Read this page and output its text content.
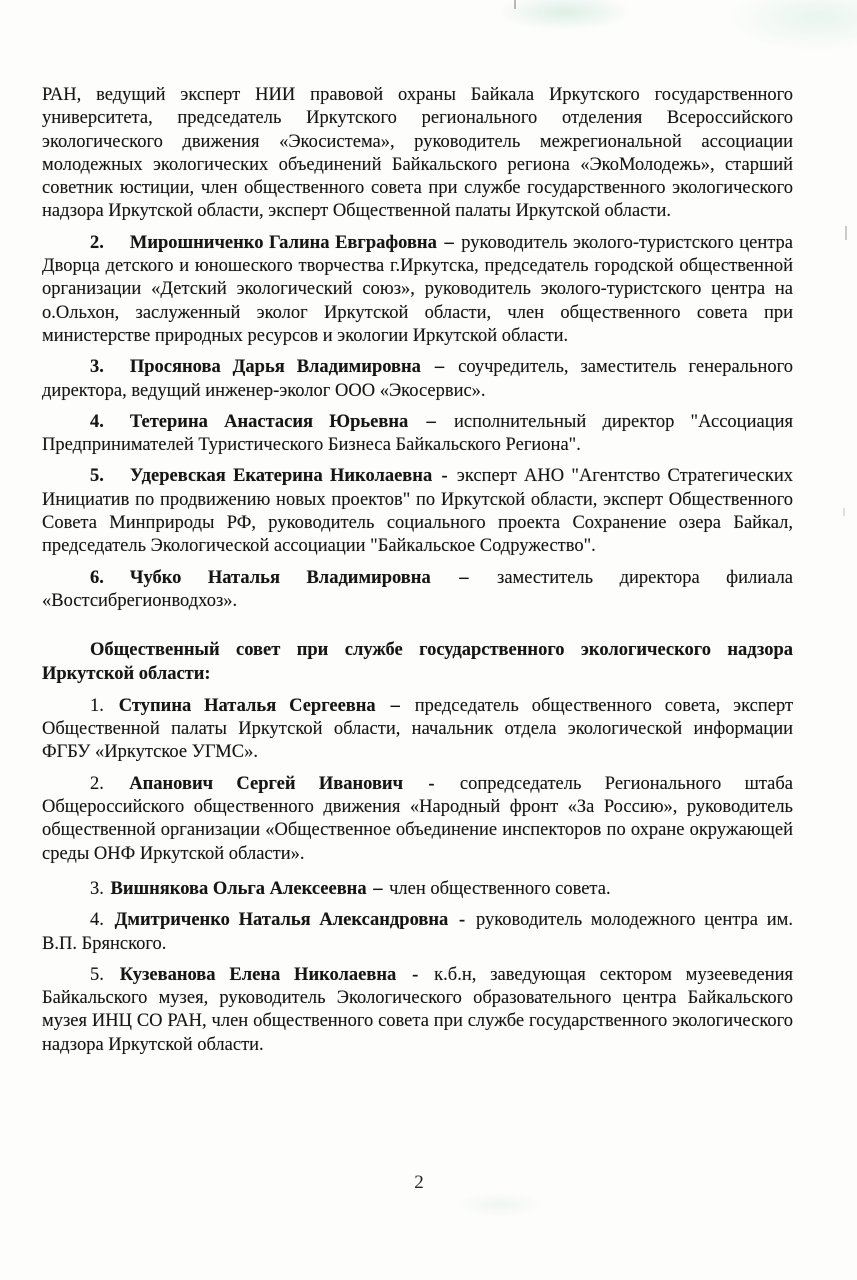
РАН, ведущий эксперт НИИ правовой охраны Байкала Иркутского государственного университета, председатель Иркутского регионального отделения Всероссийского экологического движения «Экосистема», руководитель межрегиональной ассоциации молодежных экологических объединений Байкальского региона «ЭкоМолодежь», старший советник юстиции, член общественного совета при службе государственного экологического надзора Иркутской области, эксперт Общественной палаты Иркутской области.

2. Мирошниченко Галина Евграфовна – руководитель эколого-туристского центра Дворца детского и юношеского творчества г.Иркутска, председатель городской общественной организации «Детский экологический союз», руководитель эколого-туристского центра на о.Ольхон, заслуженный эколог Иркутской области, член общественного совета при министерстве природных ресурсов и экологии Иркутской области.

3. Просянова Дарья Владимировна – соучредитель, заместитель генерального директора, ведущий инженер-эколог ООО «Экосервис».

4. Тетерина Анастасия Юрьевна – исполнительный директор "Ассоциация Предпринимателей Туристического Бизнеса Байкальского Региона".

5. Удеревская Екатерина Николаевна - эксперт АНО "Агентство Стратегических Инициатив по продвижению новых проектов" по Иркутской области, эксперт Общественного Совета Минприроды РФ, руководитель социального проекта Сохранение озера Байкал, председатель Экологической ассоциации "Байкальское Содружество".

6. Чубко Наталья Владимировна – заместитель директора филиала «Востсибрегионводхоз».

Общественный совет при службе государственного экологического надзора Иркутской области:

1. Ступина Наталья Сергеевна – председатель общественного совета, эксперт Общественной палаты Иркутской области, начальник отдела экологической информации ФГБУ «Иркутское УГМС».

2. Апанович Сергей Иванович - сопредседатель Регионального штаба Общероссийского общественного движения «Народный фронт «За Россию», руководитель общественной организации «Общественное объединение инспекторов по охране окружающей среды ОНФ Иркутской области».

3. Вишнякова Ольга Алексеевна – член общественного совета.

4. Дмитриченко Наталья Александровна - руководитель молодежного центра им. В.П. Брянского.

5. Кузеванова Елена Николаевна - к.б.н, заведующая сектором музееведения Байкальского музея, руководитель Экологического образовательного центра Байкальского музея ИНЦ СО РАН, член общественного совета при службе государственного экологического надзора Иркутской области.

2
